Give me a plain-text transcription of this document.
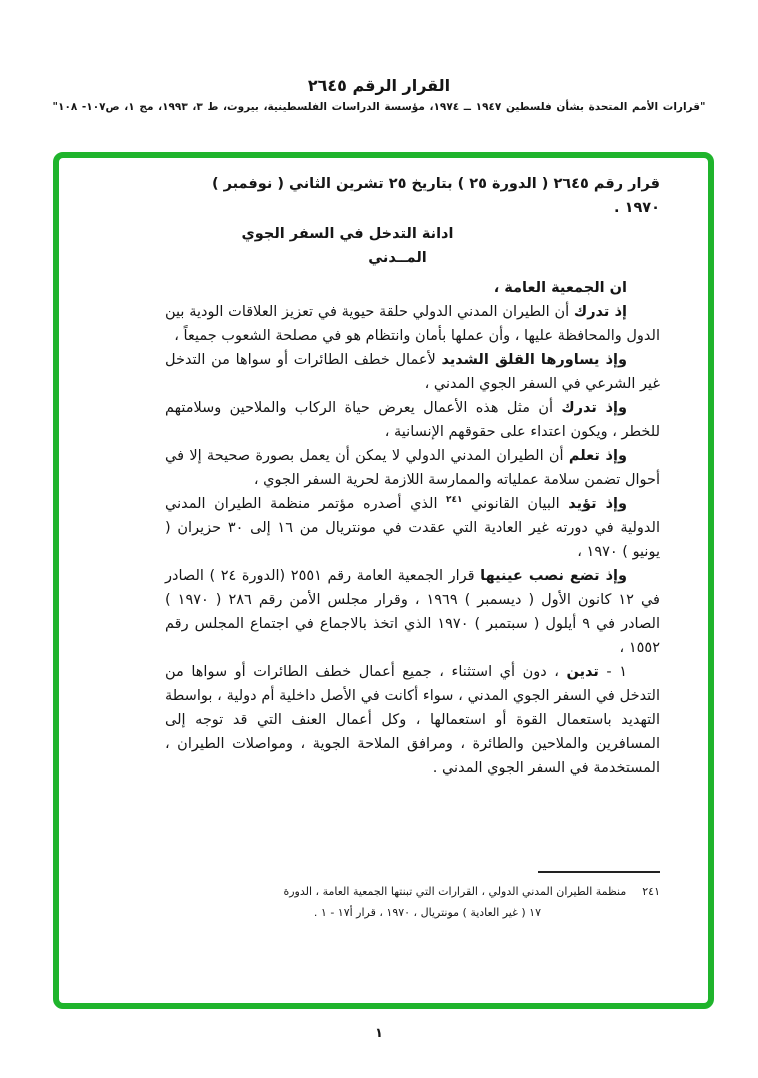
القرار الرقم ٢٦٤٥
"قرارات الأمم المتحدة بشأن فلسطين ١٩٤٧ ــ ١٩٧٤، مؤسسة الدراسات الفلسطينية، بيروت، ط ٣، ١٩٩٣، مج ١، ص١٠٧- ١٠٨"
قرار رقم ٢٦٤٥ ( الدورة ٢٥ ) بتاريخ ٢٥ تشرين الثاني ( نوفمبر )
١٩٧٠ .
ادانة التدخل في السفر الجوي
المــدني
ان الجمعية العامة ،

إذ تدرك أن الطيران المدني الدولي حلقة حيوية في تعزيز العلاقات الودية بين الدول والمحافظة عليها ، وأن عملها بأمان وانتظام هو في مصلحة الشعوب جميعاً ،

وإذ يساورها القلق الشديد لأعمال خطف الطائرات أو سواها من التدخل غير الشرعي في السفر الجوي المدني ،

وإذ تدرك أن مثل هذه الأعمال يعرض حياة الركاب والملاحين وسلامتهم للخطر ، ويكون اعتداء على حقوقهم الإنسانية ،

وإذ تعلم أن الطيران المدني الدولي لا يمكن أن يعمل بصورة صحيحة إلا في أحوال تضمن سلامة عملياته والممارسة اللازمة لحرية السفر الجوي ،

وإذ تؤيد البيان القانوني $^{٢٤١}$ الذي أصدره مؤتمر منظمة الطيران المدني الدولية في دورته غير العادية التي عقدت في مونتريال من ١٦ إلى ٣٠ حزيران ( يونيو ) ١٩٧٠ ،

وإذ تضع نصب عينيها قرار الجمعية العامة رقم ٢٥٥١ (الدورة ٢٤ ) الصادر في ١٢ كانون الأول ( ديسمبر ) ١٩٦٩ ، وقرار مجلس الأمن رقم ٢٨٦ ( ١٩٧٠ ) الصادر في ٩ أيلول ( سبتمبر ) ١٩٧٠ الذي اتخذ بالاجماع في اجتماع المجلس رقم ١٥٥٢ ،

١ - تدين ، دون أي استثناء ، جميع أعمال خطف الطائرات أو سواها من التدخل في السفر الجوي المدني ، سواء أكانت في الأصل داخلية أم دولية ، بواسطة التهديد باستعمال القوة أو استعمالها ، وكل أعمال العنف التي قد توجه إلى المسافرين والملاحين والطائرة ، ومرافق الملاحة الجوية ، ومواصلات الطيران ، المستخدمة في السفر الجوي المدني .

٢٤١منظمة الطيران المدني الدولي ، القرارات التي تبنتها الجمعية العامة ، الدورة
١٧ ( غير العادية ) مونتريال ، ١٩٧٠ ، قرار أ١٧ - ١ .
١
